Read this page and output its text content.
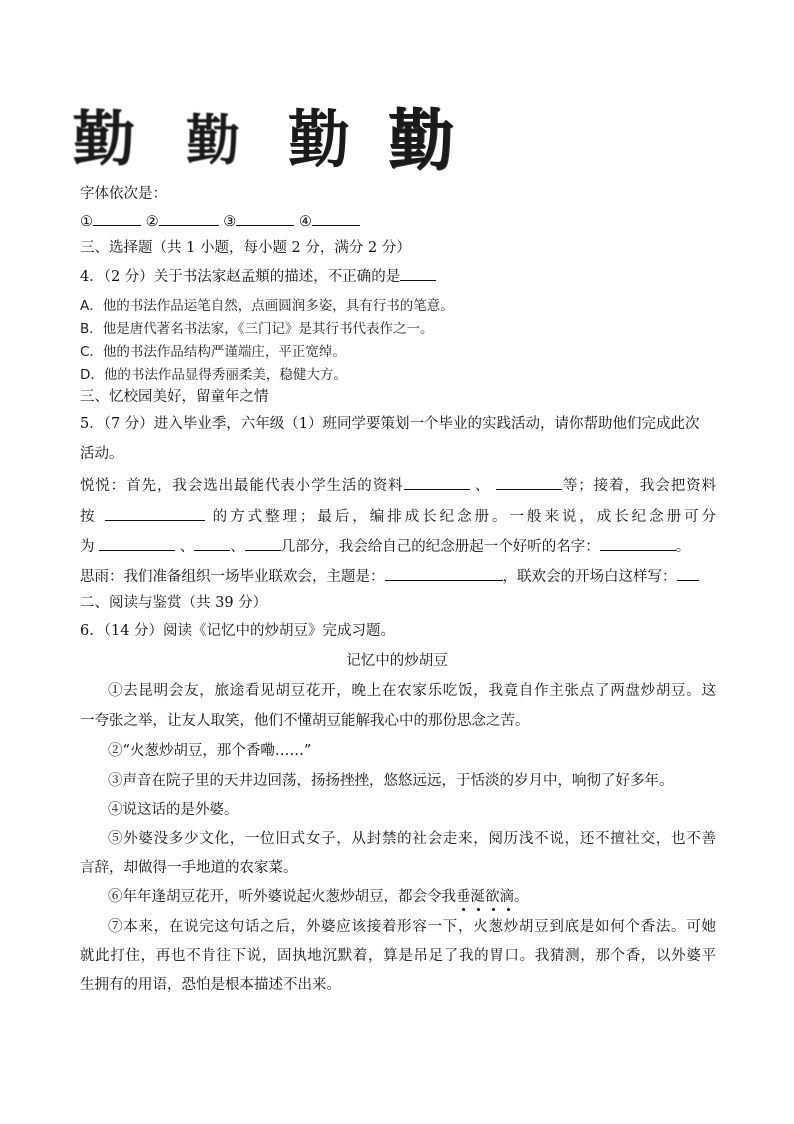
勤 勤 勤 勤
字体依次是：
①	②	③	④
三、选择题（共 1 小题，每小题 2 分，满分 2 分）
4．（2 分）关于书法家赵孟頫的描述，不正确的是
A．他的书法作品运笔自然，点画圆润多姿，具有行书的笔意。
B．他是唐代著名书法家，《三门记》是其行书代表作之一。
C．他的书法作品结构严谨端庄，平正宽绰。
D．他的书法作品显得秀丽柔美，稳健大方。
三、忆校园美好，留童年之情
5．（7 分）进入毕业季，六年级（1）班同学要策划一个毕业的实践活动，请你帮助他们完成此次
活动。
悦悦：首先，我会选出最能代表小学生活的资料	、	等；接着，我会把资料
按	的方式整理；最后，编排成长纪念册。一般来说，成长纪念册可分
为	、 、 几部分，我会给自己的纪念册起一个好听的名字：	。
思雨：我们准备组织一场毕业联欢会，主题是：	，联欢会的开场白这样写：
二、阅读与鉴赏（共 39 分）
6．（14 分）阅读《记忆中的炒胡豆》完成习题。
记忆中的炒胡豆
①去昆明会友，旅途看见胡豆花开，晚上在农家乐吃饭，我竟自作主张点了两盘炒胡豆。这
一夸张之举，让友人取笑，他们不懂胡豆能解我心中的那份思念之苦。
②“火葱炒胡豆，那个香嘞……”
③声音在院子里的天井边回荡，扬扬挫挫，悠悠远远，于恬淡的岁月中，响彻了好多年。
④说这话的是外婆。
⑤外婆没多少文化，一位旧式女子，从封禁的社会走来，阅历浅不说，还不擅社交，也不善
言辞，却做得一手地道的农家菜。
⑥年年逢胡豆花开，听外婆说起火葱炒胡豆，都会令我垂涎欲滴
。
⑦本来，在说完这句话之后，外婆应该接着形容一下，火葱炒胡豆到底是如何个香法。可她
就此打住，再也不肯往下说，固执地沉默着，算是吊足了我的胃口。我猜测，那个香，以外婆平
生拥有的用语，恐怕是根本描述不出来。
